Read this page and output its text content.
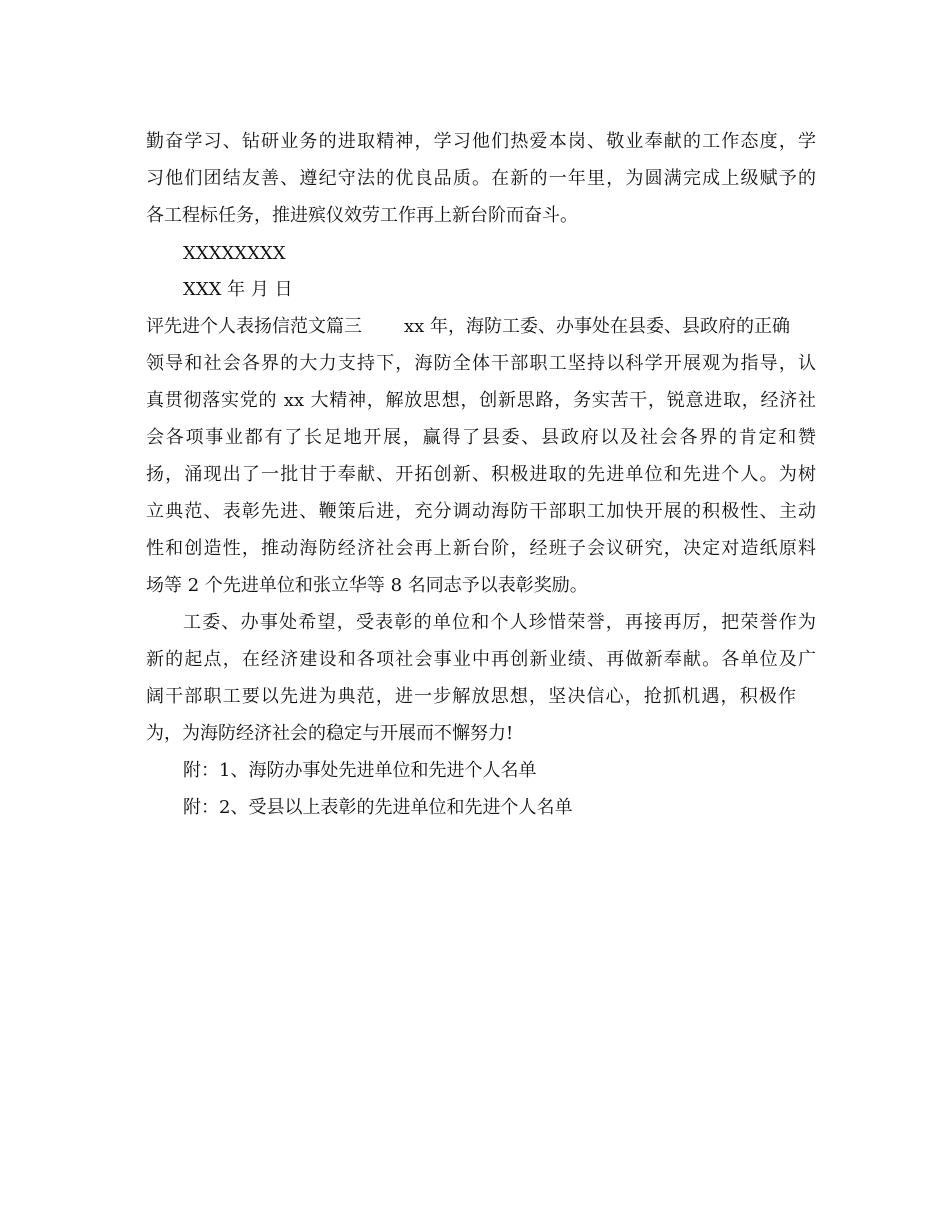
勤奋学习、钻研业务的进取精神，学习他们热爱本岗、敬业奉献的工作态度，学
习他们团结友善、遵纪守法的优良品质。在新的一年里，为圆满完成上级赋予的
各工程标任务，推进殡仪效劳工作再上新台阶而奋斗。
XXXXXXXX
XXX 年 月 日
评先进个人表扬信范文篇三 xx 年，海防工委、办事处在县委、县政府的正确
领导和社会各界的大力支持下，海防全体干部职工坚持以科学开展观为指导，认
真贯彻落实党的 xx 大精神，解放思想，创新思路，务实苦干，锐意进取，经济社
会各项事业都有了长足地开展，赢得了县委、县政府以及社会各界的肯定和赞
扬，涌现出了一批甘于奉献、开拓创新、积极进取的先进单位和先进个人。为树
立典范、表彰先进、鞭策后进，充分调动海防干部职工加快开展的积极性、主动
性和创造性，推动海防经济社会再上新台阶，经班子会议研究，决定对造纸原料
场等 2 个先进单位和张立华等 8 名同志予以表彰奖励。
工委、办事处希望，受表彰的单位和个人珍惜荣誉，再接再厉，把荣誉作为
新的起点，在经济建设和各项社会事业中再创新业绩、再做新奉献。各单位及广
阔干部职工要以先进为典范，进一步解放思想，坚决信心，抢抓机遇，积极作
为，为海防经济社会的稳定与开展而不懈努力!
附：1、海防办事处先进单位和先进个人名单
附：2、受县以上表彰的先进单位和先进个人名单
